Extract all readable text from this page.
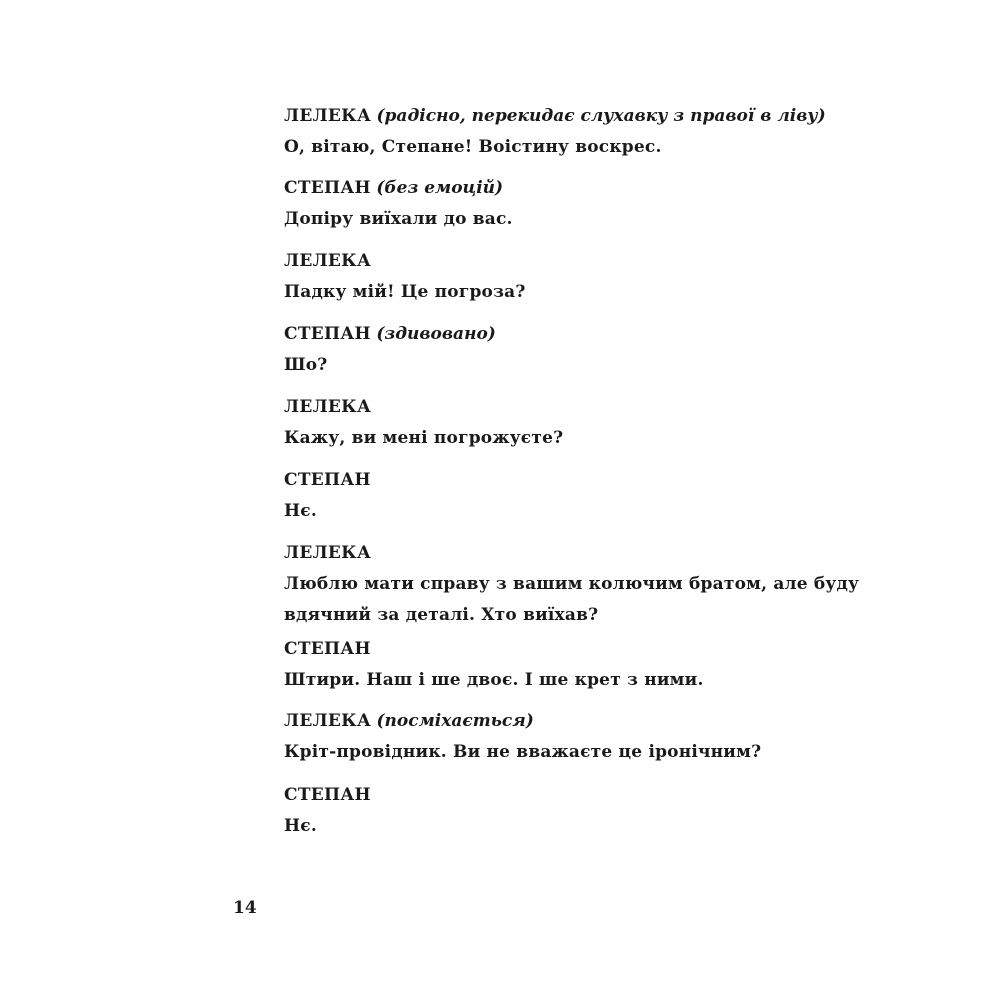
ЛЕЛЕКА (радісно, перекидає слухавку з правої в ліву)
О, вітаю, Степане! Воістину воскрес.
СТЕПАН (без емоцій)
Допіру виїхали до вас.
ЛЕЛЕКА
Падку мій! Це погроза?
СТЕПАН (здивовано)
Шо?
ЛЕЛЕКА
Кажу, ви мені погрожуєте?
СТЕПАН
Нє.
ЛЕЛЕКА
Люблю мати справу з вашим колючим братом, але буду
вдячний за деталі. Хто виїхав?
СТЕПАН
Штири. Наш і ше двоє. І ше крет з ними.
ЛЕЛЕКА (посміхається)
Кріт-провідник. Ви не вважаєте це іронічним?
СТЕПАН
Нє.
14
